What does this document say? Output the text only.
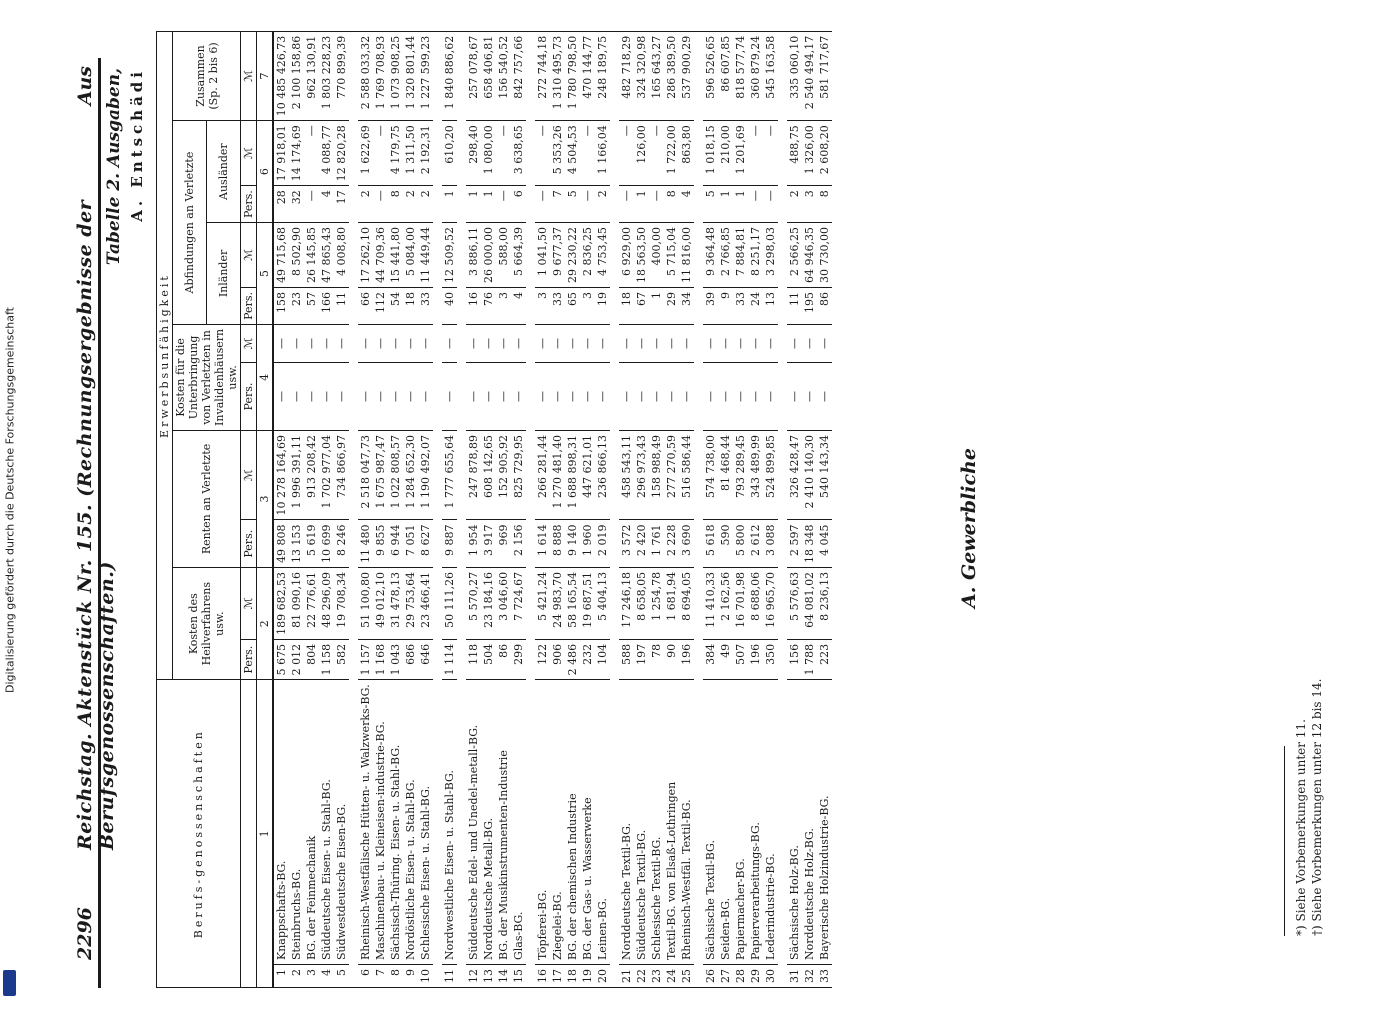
Digitalisierung gefördert durch die Deutsche Forschungsgemeinschaft
2296
Reichstag. Aktenstück Nr. 155. (Rechnungsergebnisse der Berufsgenossenschaften.)
Aus Tabelle 2. Ausgaben, A. Entschädi
Berufs-genossenschaften		Erwerbsunfähigkeit										
		Kosten des Heilverfahrens usw.		Renten an Verletzte		Kosten für die Unterbringung von Verletzten in Invalidenhäusern usw.		Abfindungen an Verletzte				Zusammen (Sp. 2 bis 6)
								Inländer		Ausländer		
		Pers.	ℳ	Pers.	ℳ	Pers.	ℳ	Pers.	ℳ	Pers.	ℳ	ℳ
1		2		3		4		5		6		7
1	Knappschafts-BG.	5 675	189 682,53	49 808	10 278 164,69	—	—	158	49 715,68	28	17 918,01	10 485 426,73
2	Steinbruchs-BG.	2 012	81 090,16	13 153	1 996 391,11	—	—	23	8 502,90	32	14 174,69	2 100 158,86
3	BG. der Feinmechanik	804	22 776,61	5 619	913 208,42	—	—	57	26 145,85	—	—	962 130,91
4	Süddeutsche Eisen- u. Stahl-BG.	1 158	48 296,09	10 699	1 702 977,04	—	—	166	47 865,43	4	4 088,77	1 803 228,23
5	Südwestdeutsche Eisen-BG.	582	19 708,34	8 246	734 866,97	—	—	11	4 008,80	17	12 820,28	770 899,39

6	Rheinisch-Westfälische Hütten- u. Walzwerks-BG.	1 157	51 100,80	11 480	2 518 047,73	—	—	66	17 262,10	2	1 622,69	2 588 033,32
7	Maschinenbau- u. Kleineisen-industrie-BG.	1 168	49 012,10	9 855	1 675 987,47	—	—	112	44 709,36	—	—	1 769 708,93
8	Sächsisch-Thüring. Eisen- u. Stahl-BG.	1 043	31 478,13	6 944	1 022 808,57	—	—	54	15 441,80	8	4 179,75	1 073 908,25
9	Nordöstliche Eisen- u. Stahl-BG.	686	29 753,64	7 051	1 284 652,30	—	—	18	5 084,00	2	1 311,50	1 320 801,44
10	Schlesische Eisen- u. Stahl-BG.	646	23 466,41	8 627	1 190 492,07	—	—	33	11 449,44	2	2 192,31	1 227 599,23

11	Nordwestliche Eisen- u. Stahl-BG.	1 114	50 111,26	9 887	1 777 655,64	—	—	40	12 509,52	1	610,20	1 840 886,62

12	Süddeutsche Edel- und Unedel-metall-BG.	118	5 570,27	1 954	247 878,89	—	—	16	3 886,11	1	298,40	257 078,67
13	Norddeutsche Metall-BG.	504	23 184,16	3 917	608 142,65	—	—	76	26 000,00	1	1 080,00	658 406,81
14	BG. der Musikinstrumenten-Industrie	86	3 046,60	969	152 905,92	—	—	3	588,00	—	—	156 540,52
15	Glas-BG.	299	7 724,67	2 156	825 729,95	—	—	4	5 664,39	6	3 638,65	842 757,66

16	Töpferei-BG.	122	5 421,24	1 614	266 281,44	—	—	3	1 041,50	—	—	272 744,18
17	Ziegelei-BG.	906	24 983,70	8 888	1 270 481,40	—	—	33	9 677,37	7	5 353,26	1 310 495,73
18	BG. der chemischen Industrie	2 486	58 165,54	9 140	1 688 898,31	—	—	65	29 230,22	5	4 504,53	1 780 798,50
19	BG. der Gas- u. Wasserwerke	232	19 687,51	1 960	447 621,01	—	—	3	2 836,25	—	—	470 144,77
20	Leinen-BG.	104	5 404,13	2 019	236 866,13	—	—	19	4 753,45	2	1 166,04	248 189,75

21	Norddeutsche Textil-BG.	588	17 246,18	3 572	458 543,11	—	—	18	6 929,00	—	—	482 718,29
22	Süddeutsche Textil-BG.	197	8 658,05	2 420	296 973,43	—	—	67	18 563,50	1	126,00	324 320,98
23	Schlesische Textil-BG.	78	1 254,78	1 761	158 988,49	—	—	1	400,00	—	—	165 643,27
24	Textil-BG. von Elsaß-Lothringen	90	1 681,94	2 228	277 270,59	—	—	29	5 715,04	8	1 722,00	286 389,50
25	Rheinisch-Westfäl. Textil-BG.	196	8 694,05	3 690	516 586,44	—	—	34	11 816,00	4	863,80	537 900,29

26	Sächsische Textil-BG.	384	11 410,33	5 618	574 738,00	—	—	39	9 364,48	5	1 018,15	596 526,65
27	Seiden-BG.	49	2 162,56	590	81 468,44	—	—	9	2 766,85	1	210,00	86 607,85
28	Papiermacher-BG.	507	16 701,98	5 800	793 289,45	—	—	33	7 884,81	1	1 201,69	818 577,74
29	Papierverarbeitungs-BG.	196	8 688,06	2 612	343 489,99	—	—	24	8 251,17	—	—	360 879,24
30	Lederindustrie-BG.	350	16 965,70	3 088	524 899,85	—	—	13	3 298,03	—	—	545 163,58

31	Sächsische Holz-BG.	156	5 576,63	2 597	326 428,47	—	—	11	2 566,25	2	488,75	335 060,10
32	Norddeutsche Holz-BG.	1 788	64 081,02	18 348	2 410 140,30	—	—	195	64 946,35	3	1 326,00	2 540 494,17
33	Bayerische Holzindustrie-BG.	223	8 236,13	4 045	540 143,34	—	—	86	30 730,00	8	2 608,20	581 717,67
A. Gewerbliche
*) Siehe Vorbemerkungen unter 11. †) Siehe Vorbemerkungen unter 12 bis 14.
